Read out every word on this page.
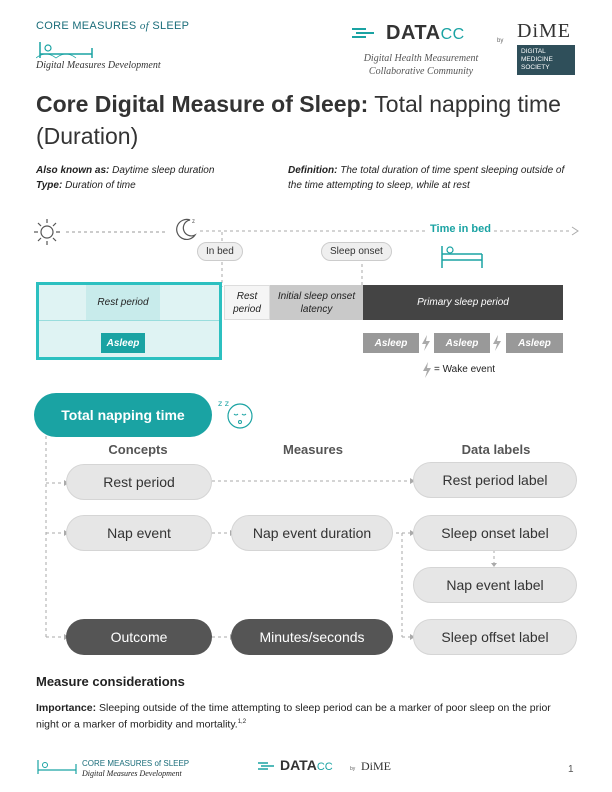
CORE MEASURES of SLEEP
Digital Measures Development
DATACC
Digital Health Measurement
Collaborative Community
by DiME
DIGITAL
MEDICINE
SOCIETY
Core Digital Measure of Sleep: Total napping time (Duration)
Also known as: Daytime sleep duration
Type: Duration of time
Definition: The total duration of time spent sleeping outside of the time attempting to sleep, while at rest
z
Time in bed
In bed	Sleep onset
Rest period
Asleep
Rest period
Initial sleep onset latency
Primary sleep period
Asleep	Asleep	Asleep
= Wake event
Total napping time
z z
Concepts	Measures	Data labels
Rest period
Nap event
Outcome
Nap event duration
Minutes/seconds
Rest period label
Sleep onset label
Nap event label
Sleep offset label
Measure considerations
Importance: Sleeping outside of the time attempting to sleep period can be a marker of poor sleep on the prior night or a marker of morbidity and mortality.$^{1,2}$
CORE MEASURES of SLEEP
Digital Measures Development
DATACC	by DiME	1
